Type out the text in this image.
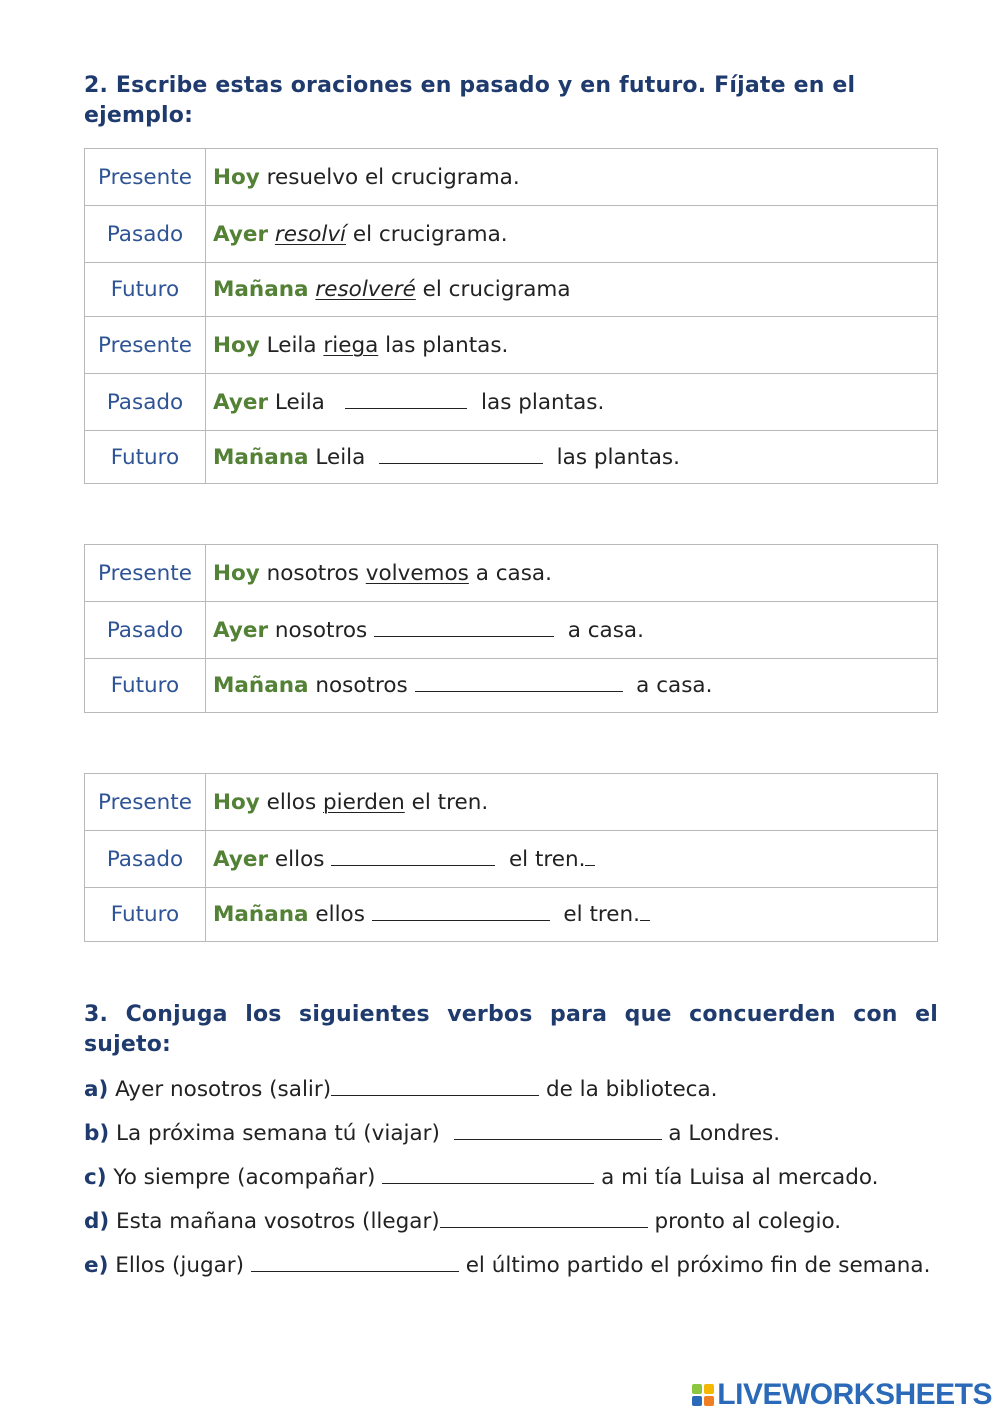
2. Escribe estas oraciones en pasado y en futuro. Fíjate en el ejemplo:
Presente	Hoy resuelvo el crucigrama.
Pasado	Ayer resolví el crucigrama.
Futuro	Mañana resolveré el crucigrama
Presente	Hoy Leila riega las plantas.
Pasado	Ayer Leila las plantas.
Futuro	Mañana Leila las plantas.
Presente	Hoy nosotros volvemos a casa.
Pasado	Ayer nosotros a casa.
Futuro	Mañana nosotros a casa.
Presente	Hoy ellos pierden el tren.
Pasado	Ayer ellos el tren.
Futuro	Mañana ellos el tren.
3. Conjuga los siguientes verbos para que concuerden con el sujeto:
a) Ayer nosotros (salir)	de la biblioteca.
b) La próxima semana tú (viajar)	a Londres.
c) Yo siempre (acompañar)	a mi tía Luisa al mercado.
d) Esta mañana vosotros (llegar)	pronto al colegio.
e) Ellos (jugar)	el último partido el próximo fin de semana.
LIVEWORKSHEETS
